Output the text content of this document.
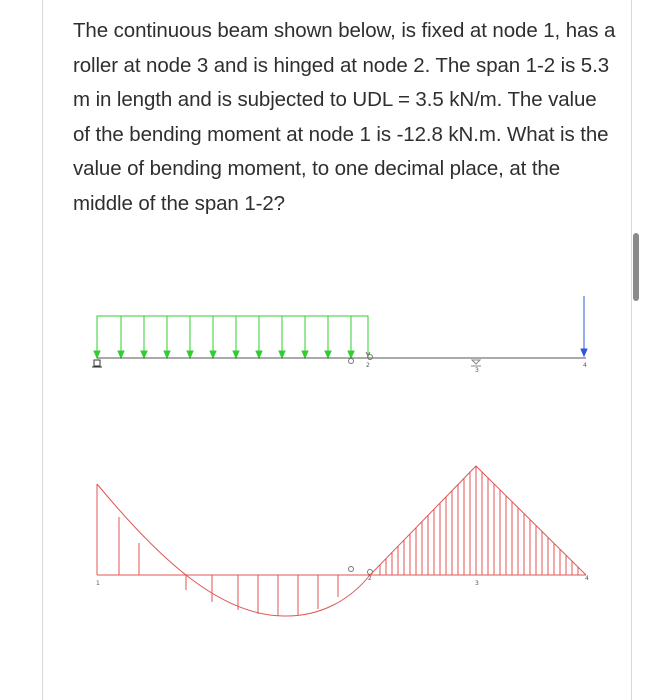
The continuous beam shown below, is fixed at node 1, has a roller at node 3 and is hinged at node 2. The span 1-2 is 5.3 m in length and is subjected to UDL = 3.5 kN/m. The value of the bending moment at node 1 is -12.8 kN.m. What is the value of bending moment, to one decimal place, at the middle of the span 1-2?

2
3
4
1
2
3
4
